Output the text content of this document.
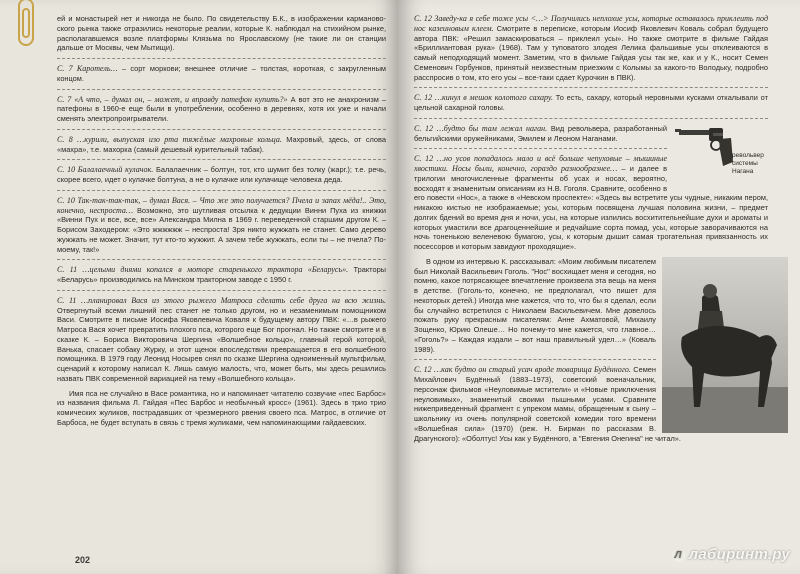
ей и монастырей нет и никогда не было. По свидетельству Б.К., в изображении кармановоского рынка также отразились некоторые реалии, которые К. наблюдал на стихийном рынке, располагавшемся возле платформы Клязьма по Ярославскому (не такие ли он станции дальше от Москвы, чем Мытищи).

С. 7 Каротель… – сорт моркови; внешнее отличие – толстая, короткая, с закругленным концом.

С. 7 «А что, – думал он, – может, и вправду патефон купить?» А вот это не анахронизм – патефоны в 1960-е еще были в употреблении, особенно в деревнях, хотя их уже и начали сменять электропроигрыватели.

С. 8 …курили, выпуская изо рта тяжёлые махровые кольца. Махровый, здесь, от слова «махра», т.е. махорка (самый дешевый курительный табак).

С. 10 Балалаечный кулачок. Балалаечник – болтун, тот, кто шумит без толку (жарг.); т.е. речь, скорее всего, идет о кулачке болтуна, а не о кулачке или кулачище человека деда.

С. 10 Так-так-так-так, – думал Вася. – Что же это получается? Пчела и запах мёда!.. Это, конечно, неспроста… Возможно, это шутливая отсылка к дедукции Винни Пуха из книжки «Винни Пух и все, все, все» Александра Милна в 1969 г. переведенной старшим другом К. – Борисом Заходером: «Это жжжжжж – неспроста! Зря никто жужжать не станет. Само дерево жужжать не может. Значит, тут кто-то жужжит. А зачем тебе жужжать, если ты – не пчела? По-моему, так!»

С. 11 …целыми днями копался в моторе старенького трактора «Беларусь». Тракторы «Беларусь» производились на Минском тракторном заводе с 1950 г.

С. 11 …планировал Вася из этого рыжего Матроса сделать себе друга на всю жизнь. Отвергнутый всеми лишний пес станет не только другом, но и незаменимым помощником Васи. Смотрите в письме Иосифа Яковлевича Коваля к будущему автору ПВК: «…в рыжего Матроса Вася хочет превратить плохого пса, которого еще Бог прогнал. Но также смотрите и в сказке К. – Бориса Викторовича Шергина «Волшебное кольцо», главный герой которой, Ванька, спасает собаку Журку, и этот щенок впоследствии превращается в его волшебного помощника. В 1979 году Леонид Носырев снял по сказке Шергина одноименный мультфильм, сценарий к которому написал К. Лишь самую малость, что, может быть, мы здесь решились назвать ПВК современной вариацией на тему «Волшебного кольца».

Имя псa не случайно в Васе романтика, но и напоминает читателю созвучие «пес Барбос» из названия фильма Л. Гайдая «Пес Барбос и необычный кросс» (1961). Здесь в трио трио комических жуликов, пострадавших от чрезмерного рвения своего пса. Матрос, в отличие от Барбоса, не будет вступать в связь с тремя жуликами, чем напоминающими гайдаевских.

202

С. 12 Заведу-ка я себе тоже усы <…> Получились неплохие усы, которые оставалось приклеить под нос казеиновым клеем. Смотрите в переписке, которым Иосиф Яковлевич Коваль собрал будущего автора ПВК: «Решил замаскироваться – приклеил усы». Но также смотрите в фильме Гайдая «Бриллиантовая рука» (1968). Там у туповатого злодея Лелика фальшивые усы отклеиваются в самый неподходящий момент. Заметим, что в фильме Гайдая усы так же, как и у К., носит Семен Семенович Горбунков, принятый неизвестным приезжим с Колымы за какого-то Володьку, подробно расспросив о том, кто его усы – все-таки сдает Курочкин в ПВК).

С. 12 …кинул в мешок колотого сахару. То есть, сахару, который неровными кусками откалывали от цельной сахарной головы.

револьвер системы Нагана

С. 12 …будто бы там лежал наган. Вид револьвера, разработанный бельгийскими оружейниками, Эмилем и Леоном Наганами.

С. 12 …но усов попадалось мало и всё больше чепуховые – мышиные хвостики. Носы были, конечно, гораздо разнообразнее… – и далее в трилогии многочисленные фрагменты об усах и носах, вероятно, восходят к знаменитым описаниям из Н.В. Гоголя. Сравните, особенно в его повести «Нос», а также в «Невском проспекте»: «Здесь вы встретите усы чудные, никаким пером, никакою кистью не изображаемые; усы, которым посвящена лучшая половина жизни, – предмет долгих бдений во время дня и ночи, усы, на которые излились восхитительнейшие духи и ароматы и которых умастили все драгоценнейшие и редчайшие сорта помад, усы, которые заворачиваются на ночь тоненькою веленевою бумагою, усы, к которым дышит самая трогательная привязанность их посессоров и которым завидуют проходящие».

В одном из интервью К. рассказывал: «Моим любимым писателем был Николай Васильевич Гоголь. "Нос" восхищает меня и сегодня, но помню, какое потрясающее впечатление произвела эта вещь на меня в детстве. (Гоголь-то, конечно, не предполагал, что пишет для некоторых детей.) Иногда мне кажется, что то, что бы я сделал, если бы случайно встретился с Николаем Васильевичем. Мне довелось пожать руку прекрасным писателям: Анне Ахматовой, Михаилу Зощенко, Юрию Олеше… Но почему-то мне кажется, что главное… «Гоголь?» – Каждая издали – вот наш правильный удел…» (Коваль 1989).

С. 12 …как будто он старый усач вроде товарища Будённого. Семен Михайлович Будённый (1883–1973), советский военачальник, персонаж фильмов «Неуловимые мстители» и «Новые приключения неуловимых», знаменитый своими пышными усами. Сравните нижеприведенный фрагмент с упреком мамы, обращенным к сыну – школьнику из очень популярной советской комедии того времени «Волшебная сила» (1970) (реж. Н. Бирман по рассказам В. Драгунского): «Оболтус! Усы как у Будённого, а "Евгения Онегина" не читал».

Л лабиринт.ру
